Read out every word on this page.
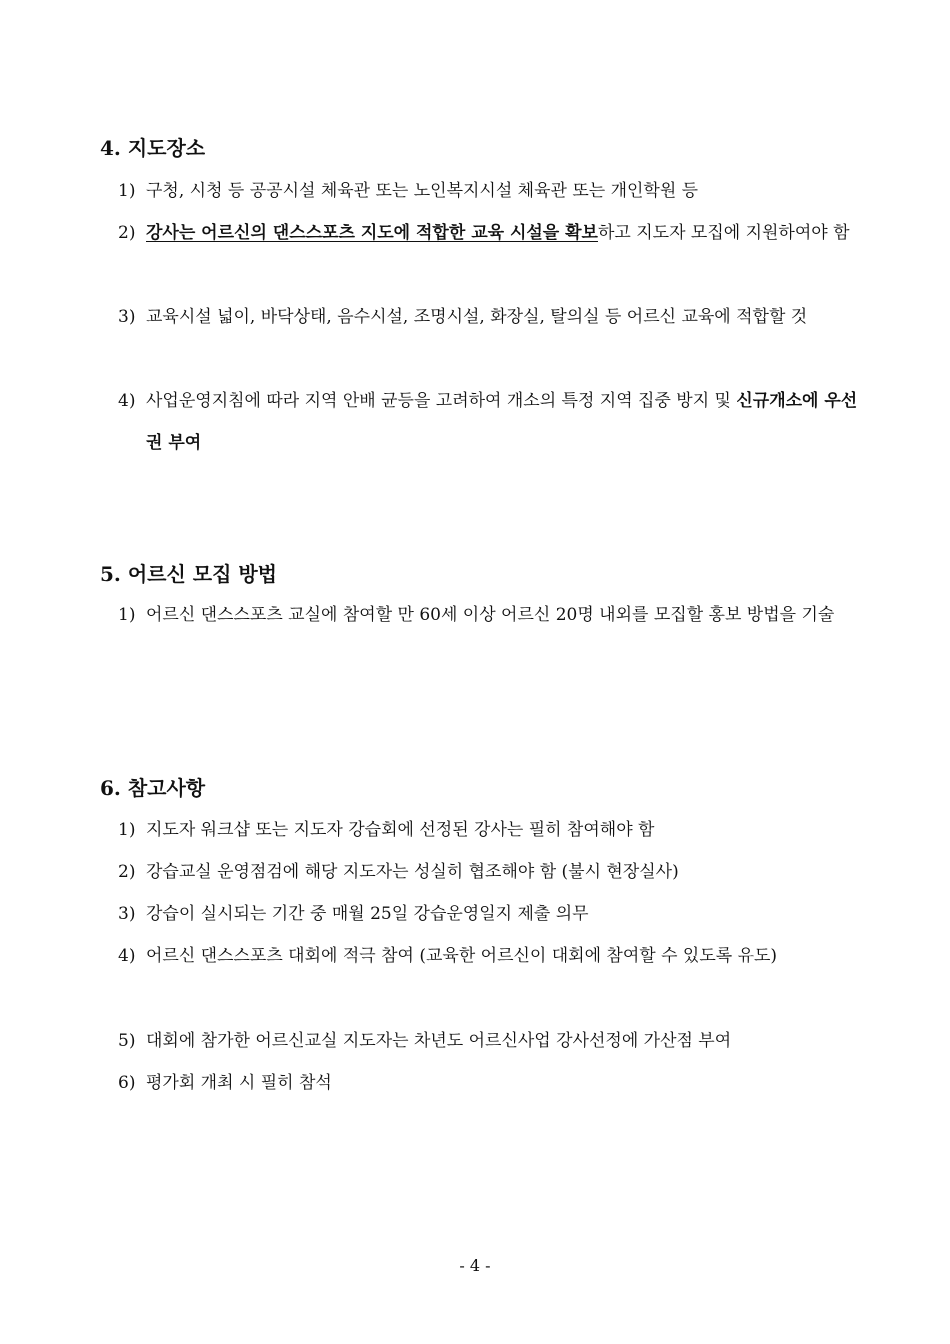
4. 지도장소

1) 구청, 시청 등 공공시설 체육관 또는 노인복지시설 체육관 또는 개인학원 등

2) 강사는 어르신의 댄스스포츠 지도에 적합한 교육 시설을 확보하고 지도자 모집에 지원하여야 함

3) 교육시설 넓이, 바닥상태, 음수시설, 조명시설, 화장실, 탈의실 등 어르신 교육에 적합할 것

4) 사업운영지침에 따라 지역 안배 균등을 고려하여 개소의 특정 지역 집중 방지 및 신규개소에 우선권 부여

5. 어르신 모집 방법

1) 어르신 댄스스포츠 교실에 참여할 만 60세 이상 어르신 20명 내외를 모집할 홍보 방법을 기술

6. 참고사항

1) 지도자 워크샵 또는 지도자 강습회에 선정된 강사는 필히 참여해야 함

2) 강습교실 운영점검에 해당 지도자는 성실히 협조해야 함 (불시 현장실사)

3) 강습이 실시되는 기간 중 매월 25일 강습운영일지 제출 의무

4) 어르신 댄스스포츠 대회에 적극 참여 (교육한 어르신이 대회에 참여할 수 있도록 유도)

5) 대회에 참가한 어르신교실 지도자는 차년도 어르신사업 강사선정에 가산점 부여

6) 평가회 개최 시 필히 참석

- 4 -
